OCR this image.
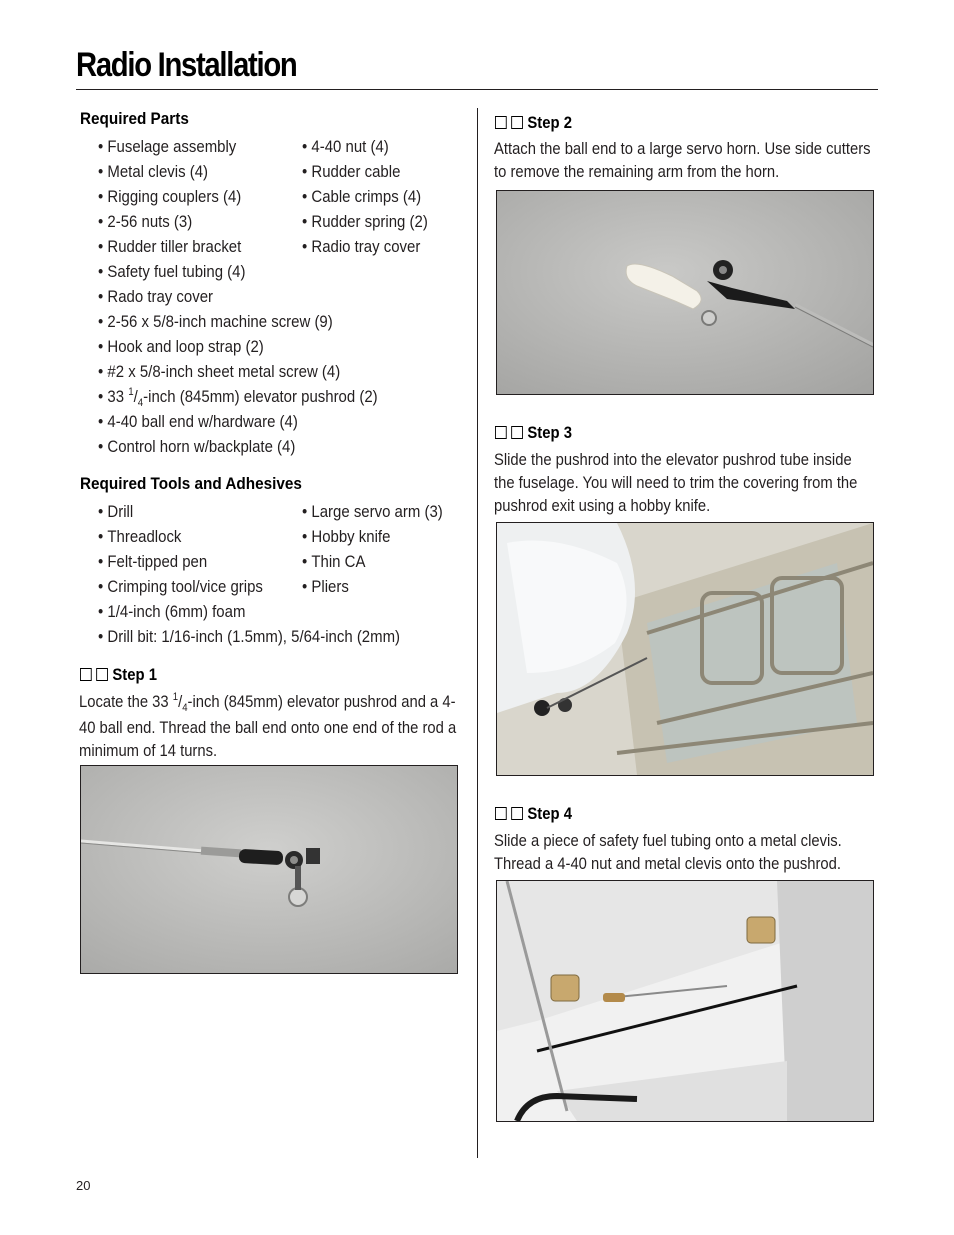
Radio Installation
Required Parts
• Fuselage assembly
• Metal clevis (4)
• Rigging couplers (4)
• 2-56 nuts (3)
• Rudder tiller bracket
• Safety fuel tubing (4)
• Rado tray cover
• 2-56 x 5/8-inch machine screw (9)
• Hook and loop strap (2)
• #2 x 5/8-inch sheet metal screw (4)
• 33 $^1/_4$-inch (845mm) elevator pushrod (2)
• 4-40 ball end w/hardware (4)
• Control horn w/backplate (4)
• 4-40 nut (4)
• Rudder cable
• Cable crimps (4)
• Rudder spring (2)
• Radio tray cover
Required Tools and Adhesives
• Drill
• Threadlock
• Felt-tipped pen
• Crimping tool/vice grips
• 1/4-inch (6mm) foam
• Drill bit: 1/16-inch (1.5mm), 5/64-inch (2mm)
• Large servo arm (3)
• Hobby knife
• Thin CA
• Pliers
Step 1
Locate the 33 $^1/_4$-inch (845mm) elevator pushrod and a 4-
40 ball end. Thread the ball end onto one end of the rod a
minimum of 14 turns.
Step 2
Attach the ball end to a large servo horn. Use side cutters
to remove the remaining arm from the horn.
Step 3
Slide the pushrod into the elevator pushrod tube inside
the fuselage. You will need to trim the covering from the
pushrod exit using a hobby knife.
Step 4
Slide a piece of safety fuel tubing onto a metal clevis.
Thread a 4-40 nut and metal clevis onto the pushrod.
20
